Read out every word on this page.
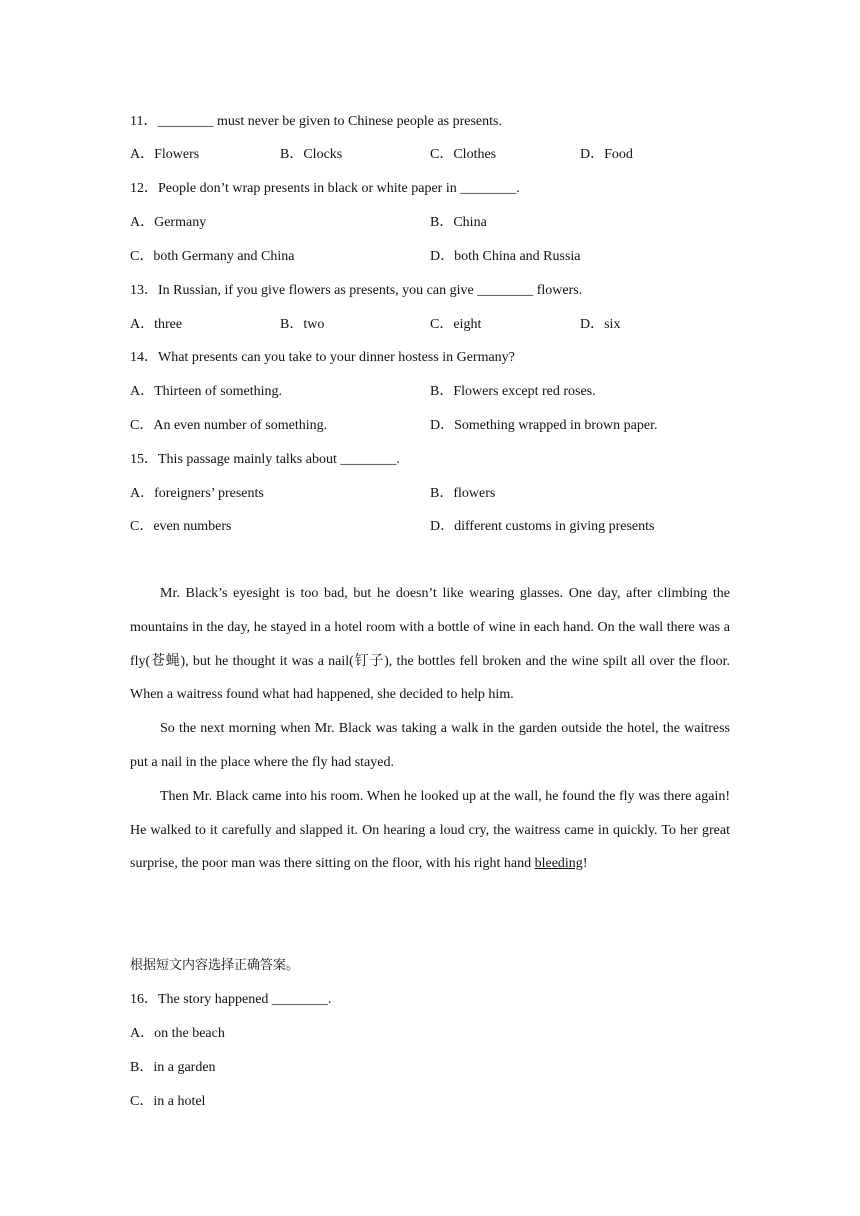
11．________ must never be given to Chinese people as presents.
A．Flowers	B．Clocks	C．Clothes	D．Food
12．People don’t wrap presents in black or white paper in ________.
A．Germany	B．China
C．both Germany and China	D．both China and Russia
13．In Russian, if you give flowers as presents, you can give ________ flowers.
A．three	B．two	C．eight	D．six
14．What presents can you take to your dinner hostess in Germany?
A．Thirteen of something.	B．Flowers except red roses.
C．An even number of something.	D．Something wrapped in brown paper.
15．This passage mainly talks about ________.
A．foreigners’ presents	B．flowers
C．even numbers	D．different customs in giving presents

Mr. Black’s eyesight is too bad, but he doesn’t like wearing glasses. One day, after climbing the mountains in the day, he stayed in a hotel room with a bottle of wine in each hand. On the wall there was a fly(苍蝇), but he thought it was a nail(钉子), the bottles fell broken and the wine spilt all over the floor. When a waitress found what had happened, she decided to help him.

So the next morning when Mr. Black was taking a walk in the garden outside the hotel, the waitress put a nail in the place where the fly had stayed.

Then Mr. Black came into his room. When he looked up at the wall, he found the fly was there again! He walked to it carefully and slapped it. On hearing a loud cry, the waitress came in quickly. To her great surprise, the poor man was there sitting on the floor, with his right hand bleeding!

根据短文内容选择正确答案。
16．The story happened ________.
A．on the beach
B．in a garden
C．in a hotel
